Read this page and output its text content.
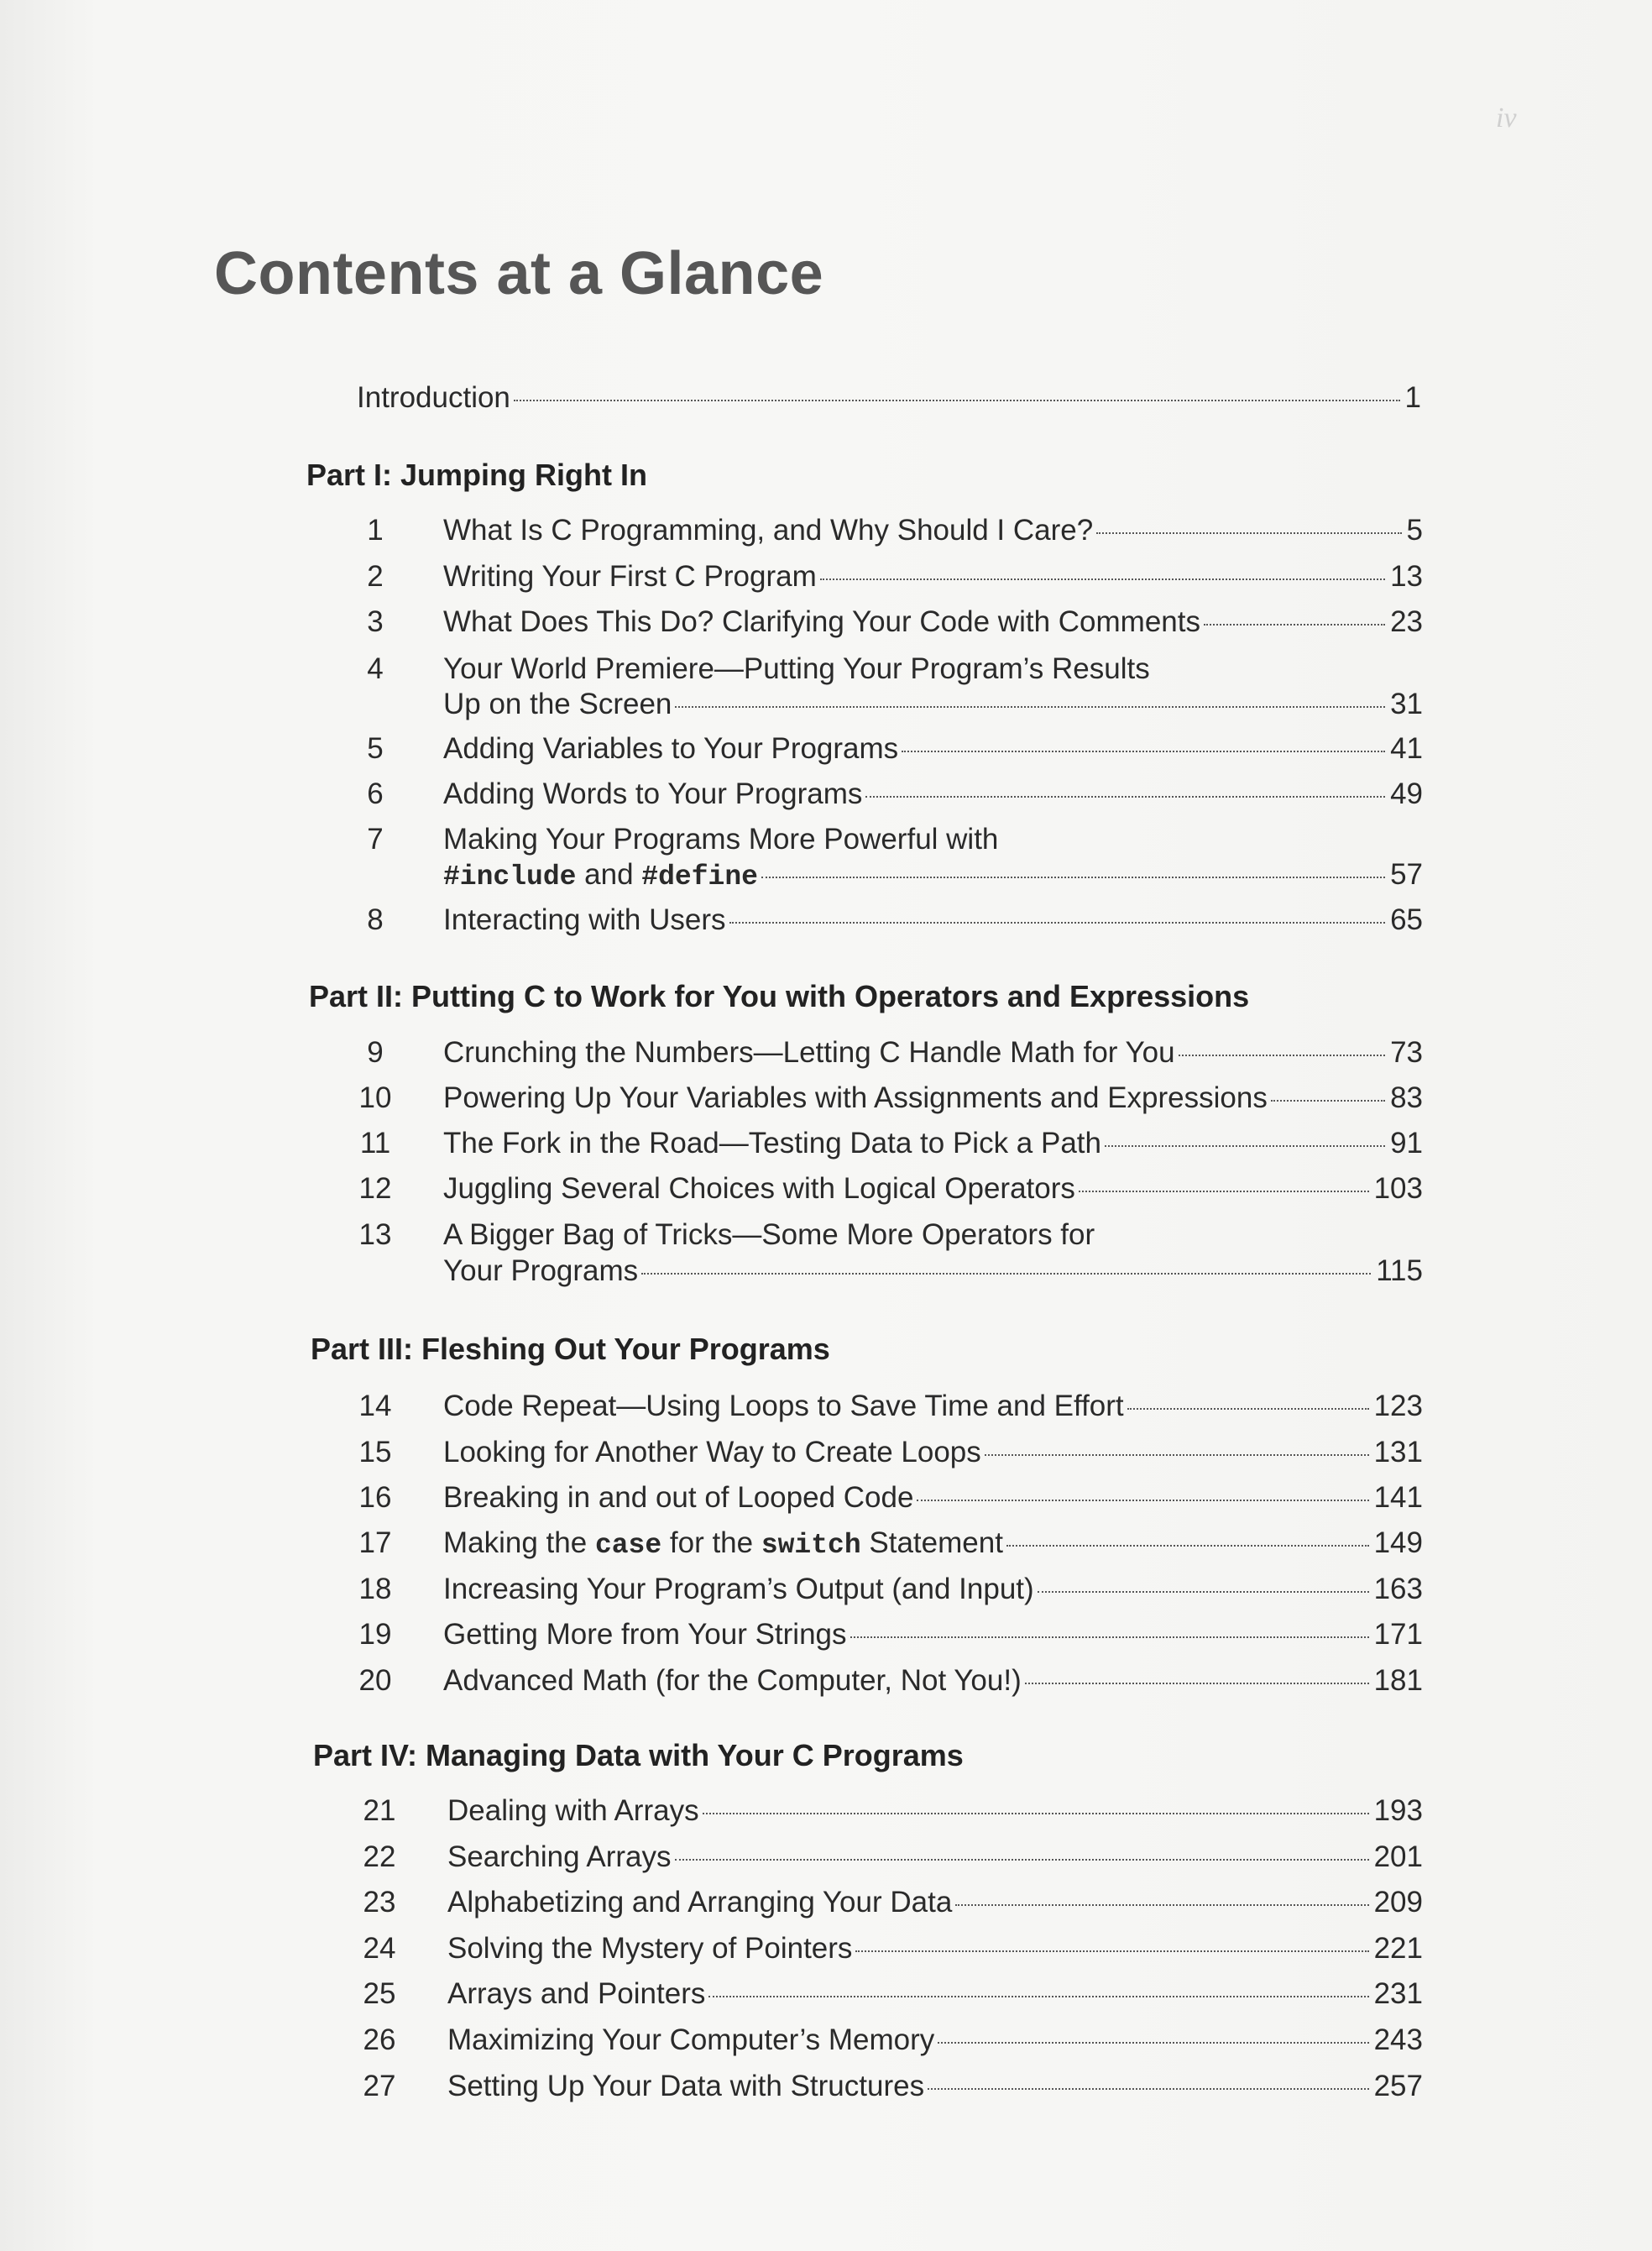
iv
Contents at a Glance
Introduction	1
Part I: Jumping Right In
1	What Is C Programming, and Why Should I Care?	5
2	Writing Your First C Program	13
3	What Does This Do? Clarifying Your Code with Comments	23
4	Your World Premiere—Putting Your Program’s Results
Up on the Screen	31
5	Adding Variables to Your Programs	41
6	Adding Words to Your Programs	49
7	Making Your Programs More Powerful with
#include and #define	57
8	Interacting with Users	65
Part II: Putting C to Work for You with Operators and Expressions
9	Crunching the Numbers—Letting C Handle Math for You	73
10 Powering Up Your Variables with Assignments and Expressions	83
11 The Fork in the Road—Testing Data to Pick a Path	91
12 Juggling Several Choices with Logical Operators	103
13 A Bigger Bag of Tricks—Some More Operators for
Your Programs	115
Part III: Fleshing Out Your Programs
14 Code Repeat—Using Loops to Save Time and Effort	123
15 Looking for Another Way to Create Loops	131
16 Breaking in and out of Looped Code	141
17 Making the case for the switch Statement	149
18 Increasing Your Program’s Output (and Input)	163
19 Getting More from Your Strings	171
20 Advanced Math (for the Computer, Not You!)	181
Part IV: Managing Data with Your C Programs
21 Dealing with Arrays	193
22 Searching Arrays	201
23 Alphabetizing and Arranging Your Data	209
24 Solving the Mystery of Pointers	221
25 Arrays and Pointers	231
26 Maximizing Your Computer’s Memory	243
27 Setting Up Your Data with Structures	257
